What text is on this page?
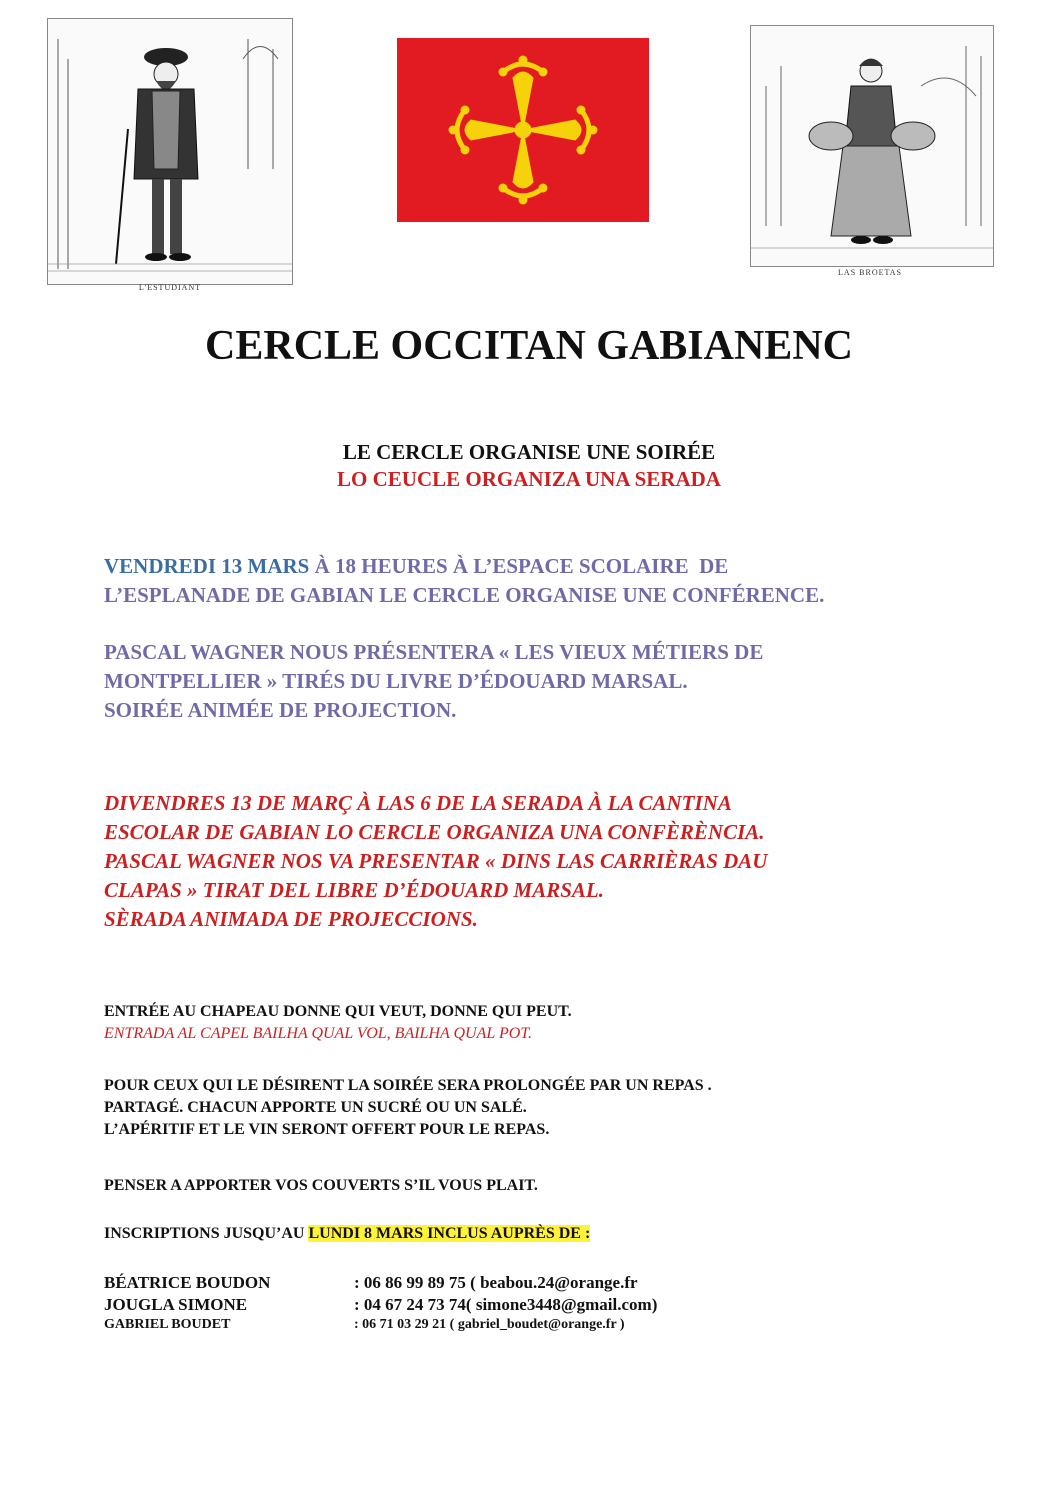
L'ESTUDIANT
LAS BROETAS
CERCLE OCCITAN GABIANENC
LE CERCLE ORGANISE UNE SOIRÉE
LO CEUCLE ORGANIZA UNA SERADA
VENDREDI 13 MARS À 18 HEURES À L’ESPACE SCOLAIRE  DE
L’ESPLANADE DE GABIAN LE CERCLE ORGANISE UNE CONFÉRENCE.
PASCAL WAGNER NOUS PRÉSENTERA « LES VIEUX MÉTIERS DE
MONTPELLIER » TIRÉS DU LIVRE D’ÉDOUARD MARSAL.
SOIRÉE ANIMÉE DE PROJECTION.
DIVENDRES 13 DE MARÇ À LAS 6 DE LA SERADA À LA CANTINA
ESCOLAR DE GABIAN LO CERCLE ORGANIZA UNA CONFÈRÈNCIA.
PASCAL WAGNER NOS VA PRESENTAR « DINS LAS CARRIÈRAS DAU
CLAPAS » TIRAT DEL LIBRE D’ÉDOUARD MARSAL.
SÈRADA ANIMADA DE PROJECCIONS.
ENTRÉE AU CHAPEAU DONNE QUI VEUT, DONNE QUI PEUT.
ENTRADA AL CAPEL BAILHA QUAL VOL, BAILHA QUAL POT.
POUR CEUX QUI LE DÉSIRENT LA SOIRÉE SERA PROLONGÉE PAR UN REPAS .
PARTAGÉ. CHACUN APPORTE UN SUCRÉ OU UN SALÉ.
L’APÉRITIF ET LE VIN SERONT OFFERT POUR LE REPAS.
PENSER A APPORTER VOS COUVERTS S’IL VOUS PLAIT.
INSCRIPTIONS JUSQU’AU LUNDI 8 MARS INCLUS AUPRÈS DE :
BÉATRICE BOUDON	: 06 86 99 89 75 ( beabou.24@orange.fr
JOUGLA SIMONE	: 04 67 24 73 74( simone3448@gmail.com)
GABRIEL BOUDET	: 06 71 03 29 21 ( gabriel_boudet@orange.fr )
